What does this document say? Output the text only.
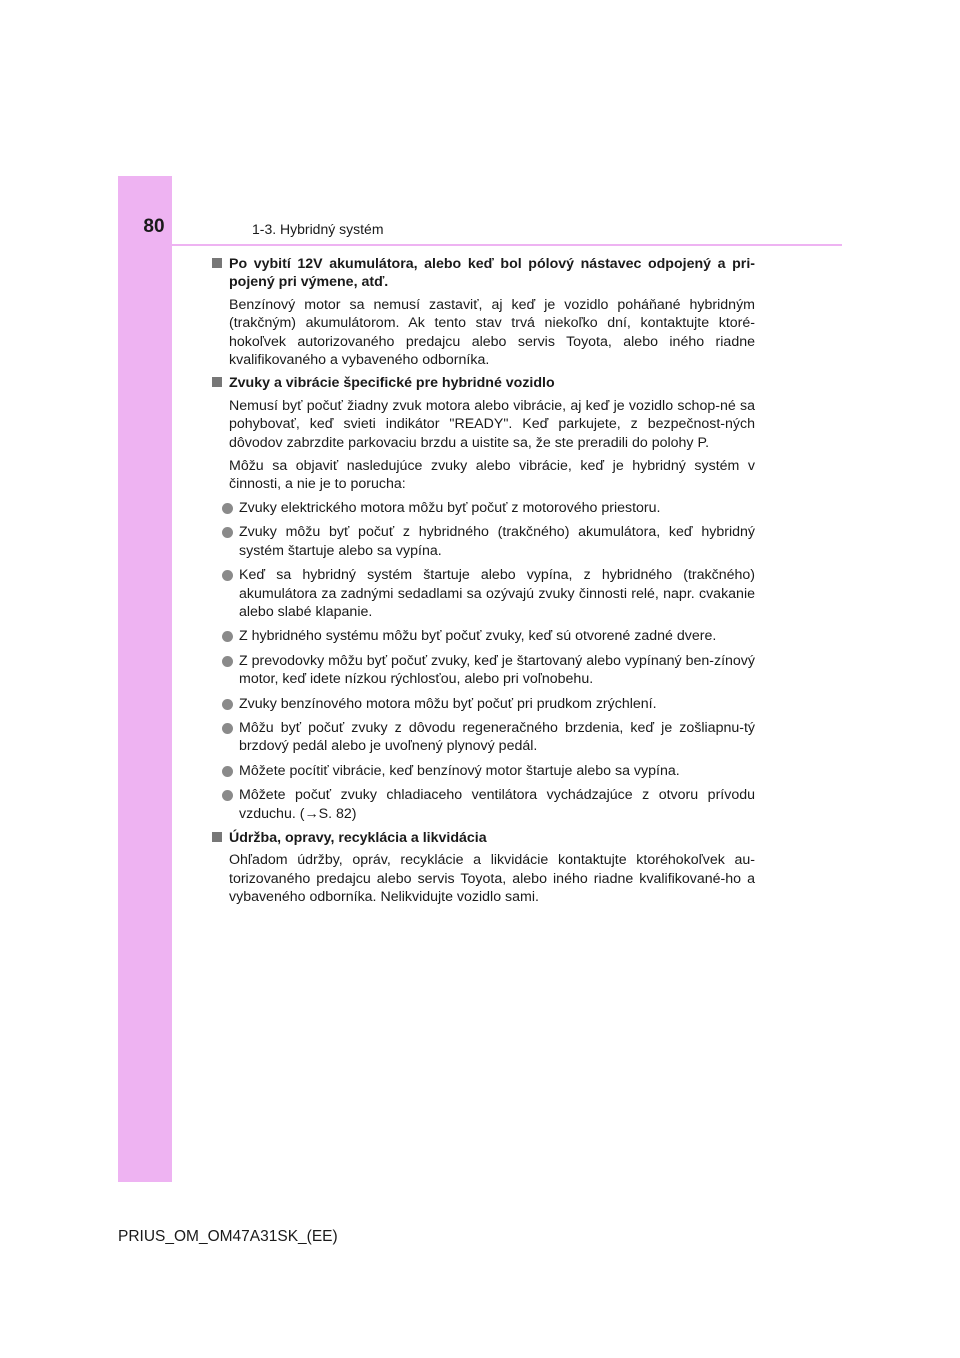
80	1-3. Hybridný systém
Po vybití 12V akumulátora, alebo keď bol pólový nástavec odpojený a pri-pojený pri výmene, atď.

Benzínový motor sa nemusí zastaviť, aj keď je vozidlo poháňané hybridným (trakčným) akumulátorom. Ak tento stav trvá niekoľko dní, kontaktujte ktoré-hokoľvek autorizovaného predajcu alebo servis Toyota, alebo iného riadne kvalifikovaného a vybaveného odborníka.

Zvuky a vibrácie špecifické pre hybridné vozidlo

Nemusí byť počuť žiadny zvuk motora alebo vibrácie, aj keď je vozidlo schop-né sa pohybovať, keď svieti indikátor "READY". Keď parkujete, z bezpečnost-ných dôvodov zabrzdite parkovaciu brzdu a uistite sa, že ste preradili do polohy P.

Môžu sa objaviť nasledujúce zvuky alebo vibrácie, keď je hybridný systém v činnosti, a nie je to porucha:

Zvuky elektrického motora môžu byť počuť z motorového priestoru.
Zvuky môžu byť počuť z hybridného (trakčného) akumulátora, keď hybridný systém štartuje alebo sa vypína.
Keď sa hybridný systém štartuje alebo vypína, z hybridného (trakčného) akumulátora za zadnými sedadlami sa ozývajú zvuky činnosti relé, napr. cvakanie alebo slabé klapanie.
Z hybridného systému môžu byť počuť zvuky, keď sú otvorené zadné dvere.
Z prevodovky môžu byť počuť zvuky, keď je štartovaný alebo vypínaný ben-zínový motor, keď idete nízkou rýchlosťou, alebo pri voľnobehu.
Zvuky benzínového motora môžu byť počuť pri prudkom zrýchlení.
Môžu byť počuť zvuky z dôvodu regeneračného brzdenia, keď je zošliapnu-tý brzdový pedál alebo je uvoľnený plynový pedál.
Môžete pocítiť vibrácie, keď benzínový motor štartuje alebo sa vypína.
Môžete počuť zvuky chladiaceho ventilátora vychádzajúce z otvoru prívodu vzduchu. (→S. 82)
Údržba, opravy, recyklácia a likvidácia

Ohľadom údržby, opráv, recyklácie a likvidácie kontaktujte ktoréhokoľvek au-torizovaného predajcu alebo servis Toyota, alebo iného riadne kvalifikované-ho a vybaveného odborníka. Nelikvidujte vozidlo sami.

PRIUS_OM_OM47A31SK_(EE)
